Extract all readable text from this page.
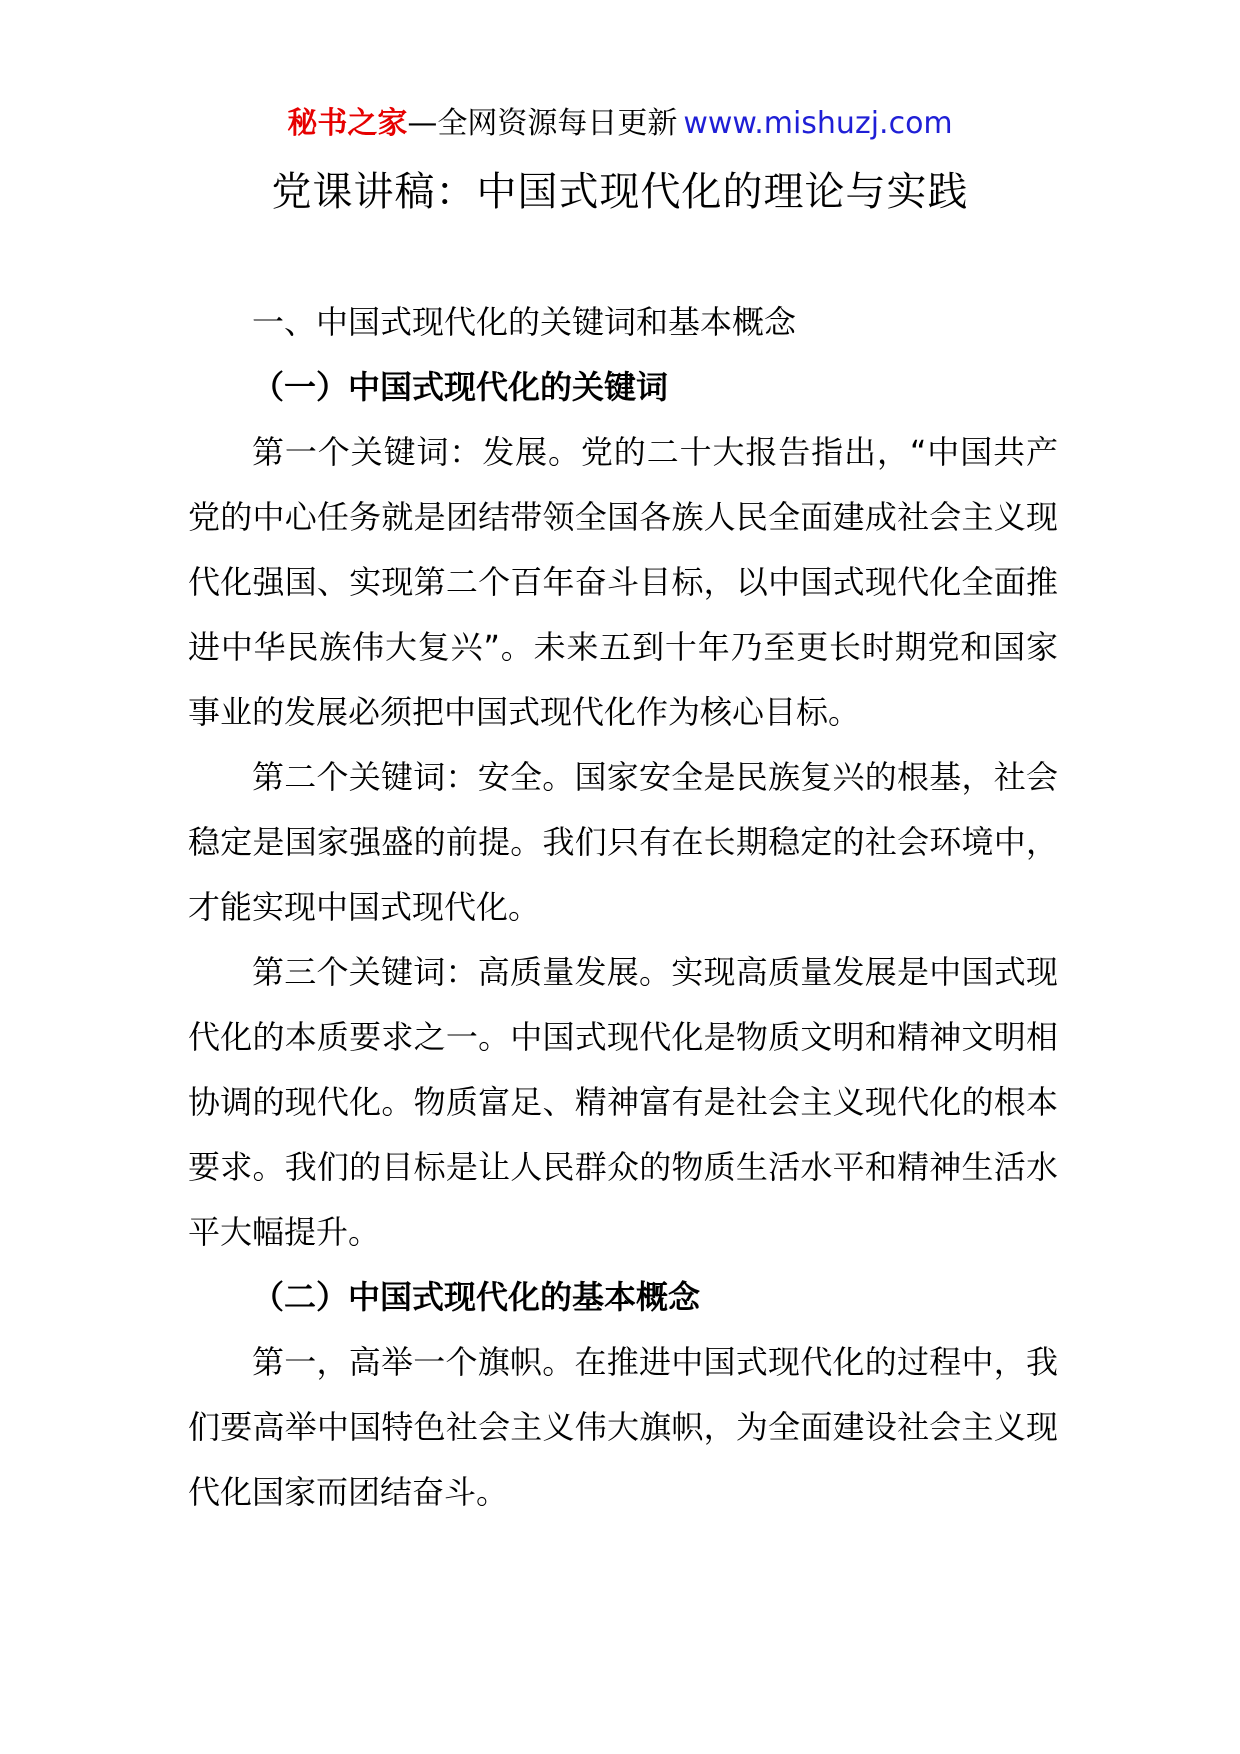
秘书之家—全网资源每日更新 www.mishuzj.com
党课讲稿：中国式现代化的理论与实践

一、中国式现代化的关键词和基本概念

（一）中国式现代化的关键词

第一个关键词：发展。党的二十大报告指出，“中国共产党的中心任务就是团结带领全国各族人民全面建成社会主义现代化强国、实现第二个百年奋斗目标，以中国式现代化全面推进中华民族伟大复兴”。未来五到十年乃至更长时期党和国家事业的发展必须把中国式现代化作为核心目标。

第二个关键词：安全。国家安全是民族复兴的根基，社会稳定是国家强盛的前提。我们只有在长期稳定的社会环境中，才能实现中国式现代化。

第三个关键词：高质量发展。实现高质量发展是中国式现代化的本质要求之一。中国式现代化是物质文明和精神文明相协调的现代化。物质富足、精神富有是社会主义现代化的根本要求。我们的目标是让人民群众的物质生活水平和精神生活水平大幅提升。

（二）中国式现代化的基本概念

第一，高举一个旗帜。在推进中国式现代化的过程中，我们要高举中国特色社会主义伟大旗帜，为全面建设社会主义现代化国家而团结奋斗。
